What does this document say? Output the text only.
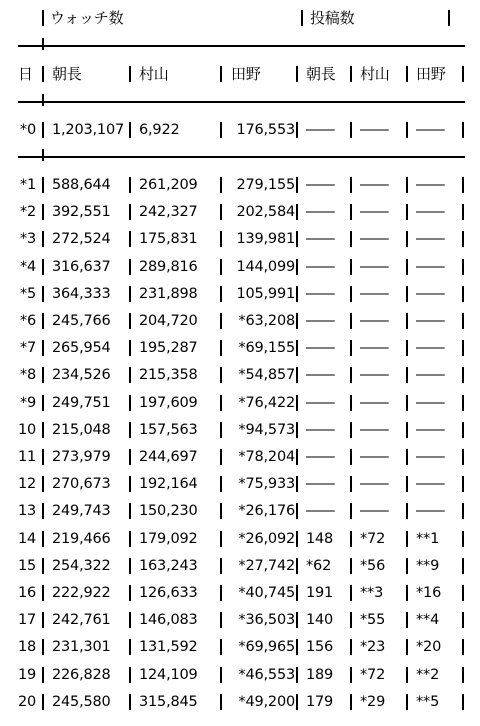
ウォッチ数	投稿数
日 朝長	村山	田野	朝長 村山 田野
*0 1,203,107 6,922	176,553 ―― ―― ――
*1 588,644 261,209	279,155 ―― ―― ――
*2 392,551 242,327	202,584 ―― ―― ――
*3 272,524 175,831	139,981 ―― ―― ――
*4 316,637 289,816	144,099 ―― ―― ――
*5 364,333 231,898	105,991 ―― ―― ――
*6 245,766 204,720	*63,208 ―― ―― ――
*7 265,954 195,287	*69,155 ―― ―― ――
*8 234,526 215,358	*54,857 ―― ―― ――
*9 249,751 197,609	*76,422 ―― ―― ――
10 215,048 157,563	*94,573 ―― ―― ――
11 273,979 244,697	*78,204 ―― ―― ――
12 270,673 192,164	*75,933 ―― ―― ――
13 249,743 150,230	*26,176 ―― ―― ――
14 219,466 179,092	*26,092 148 *72 **1
15 254,322 163,243	*27,742 *62 *56 **9
16 222,922 126,633	*40,745 191 **3 *16
17 242,761 146,083	*36,503 140 *55 **4
18 231,301 131,592	*69,965 156 *23 *20
19 226,828 124,109	*46,553 189 *72 **2
20 245,580 315,845	*49,200 179 *29 **5
